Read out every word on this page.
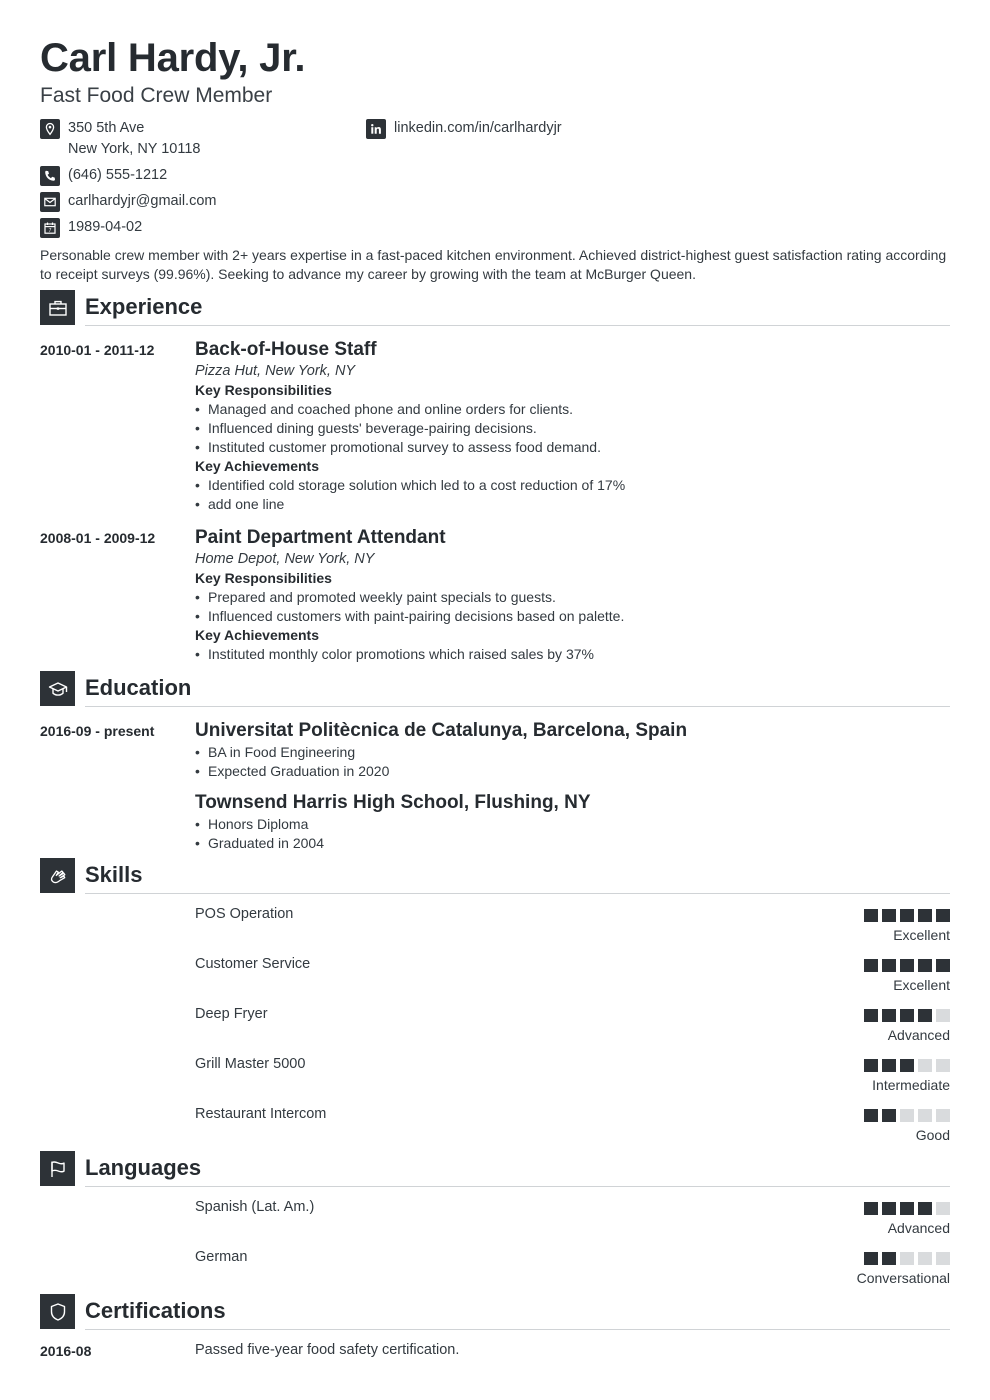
Carl Hardy, Jr.
Fast Food Crew Member
350 5th Ave
New York, NY 10118
(646) 555-1212
carlhardyjr@gmail.com
7 1989-04-02
linkedin.com/in/carlhardyjr
Personable crew member with 2+ years expertise in a fast-paced kitchen environment. Achieved district-highest guest satisfaction rating according to receipt surveys (99.96%). Seeking to advance my career by growing with the team at McBurger Queen.
Experience
2010-01 - 2011-12 Back-of-House Staff
Pizza Hut, New York, NY
Key Responsibilities
• Managed and coached phone and online orders for clients.
• Influenced dining guests' beverage-pairing decisions.
• Instituted customer promotional survey to assess food demand.
Key Achievements
• Identified cold storage solution which led to a cost reduction of 17%
• add one line
2008-01 - 2009-12 Paint Department Attendant
Home Depot, New York, NY
Key Responsibilities
• Prepared and promoted weekly paint specials to guests.
• Influenced customers with paint-pairing decisions based on palette.
Key Achievements
• Instituted monthly color promotions which raised sales by 37%
Education
2016-09 - present Universitat Politècnica de Catalunya, Barcelona, Spain
• BA in Food Engineering
• Expected Graduation in 2020
Townsend Harris High School, Flushing, NY
• Honors Diploma
• Graduated in 2004
Skills
POS Operation
Excellent
Customer Service
Excellent
Deep Fryer
Advanced
Grill Master 5000
Intermediate
Restaurant Intercom
Good
Languages
Spanish (Lat. Am.)
Advanced
German
Conversational
Certifications
2016-08	Passed five-year food safety certification.
